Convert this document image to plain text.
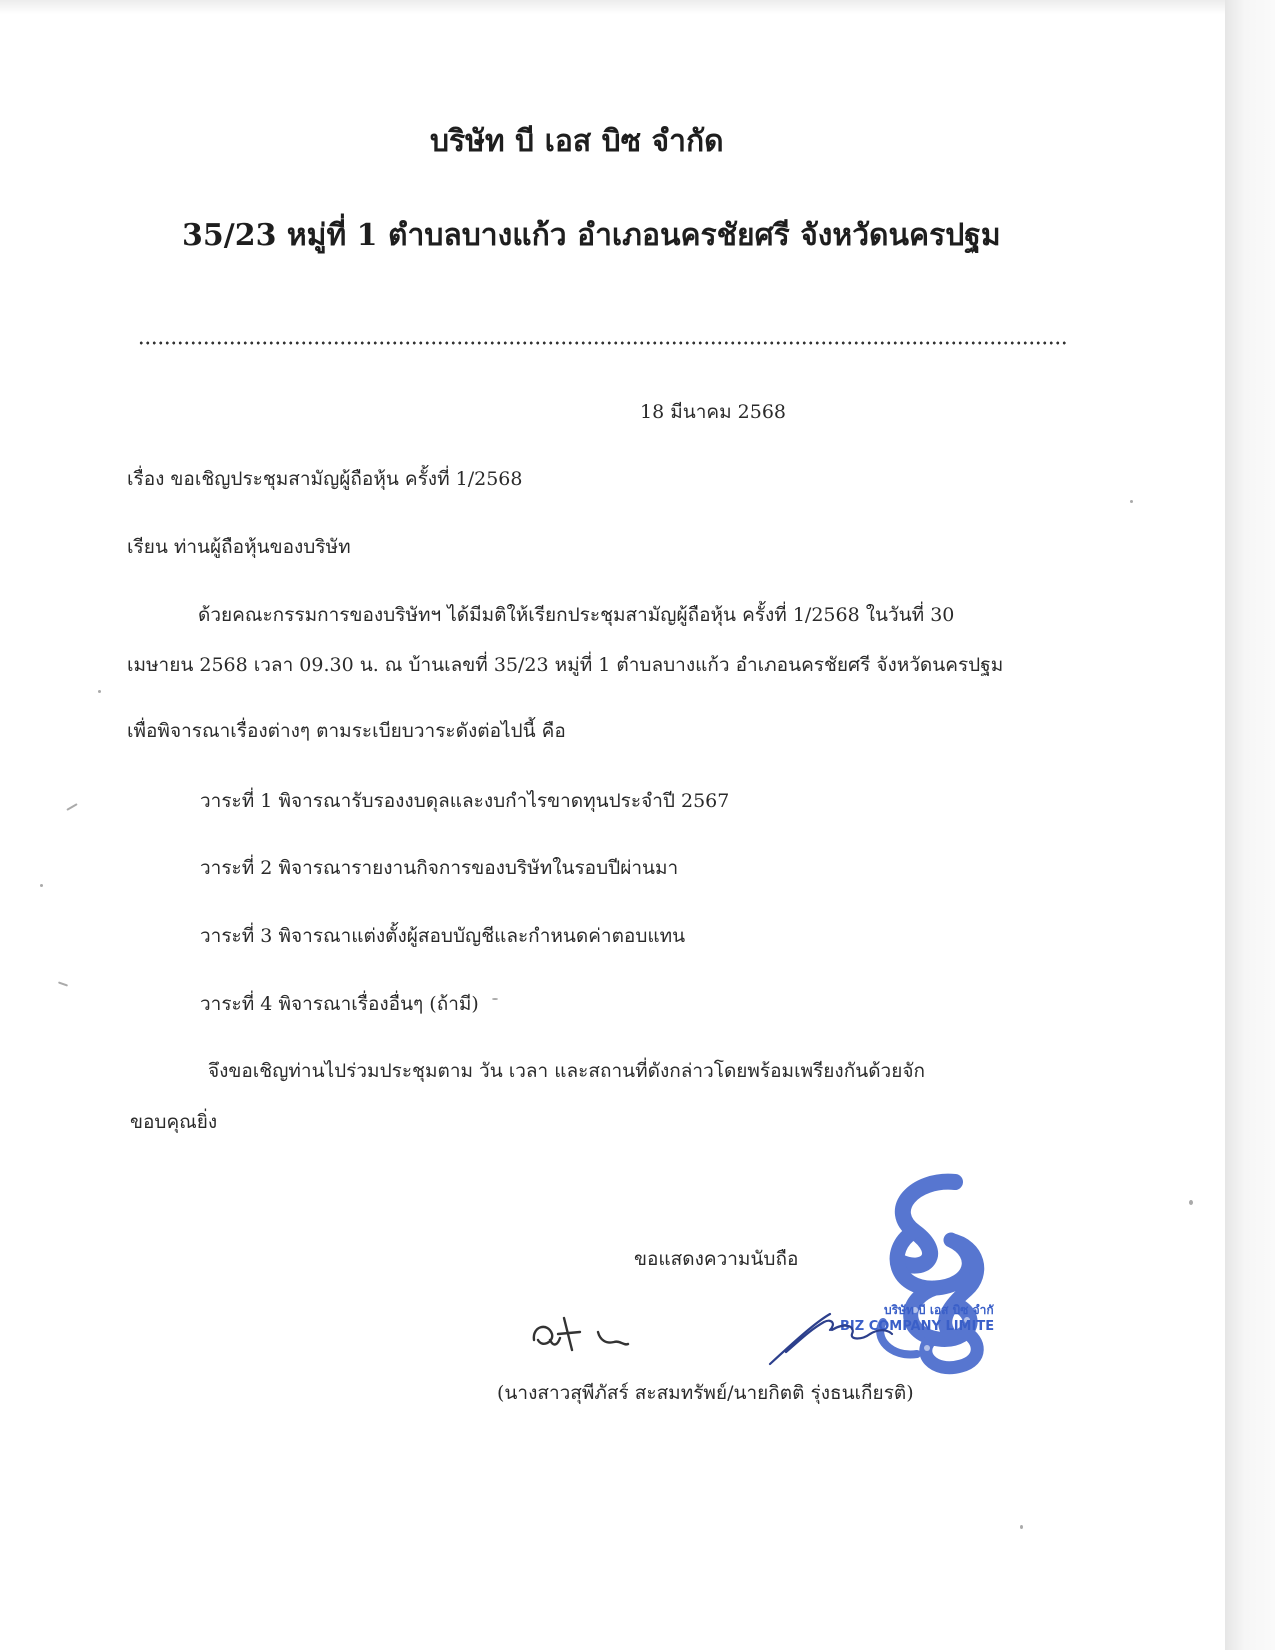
บริษัท บี เอส บิซ จำกัด
35/23 หมู่ที่ 1 ตำบลบางแก้ว อำเภอนครชัยศรี จังหวัดนครปฐม
18 มีนาคม 2568
เรื่อง ขอเชิญประชุมสามัญผู้ถือหุ้น ครั้งที่ 1/2568
เรียน ท่านผู้ถือหุ้นของบริษัท
ด้วยคณะกรรมการของบริษัทฯ ได้มีมติให้เรียกประชุมสามัญผู้ถือหุ้น ครั้งที่ 1/2568 ในวันที่ 30
เมษายน 2568 เวลา 09.30 น. ณ บ้านเลขที่ 35/23 หมู่ที่ 1 ตำบลบางแก้ว อำเภอนครชัยศรี จังหวัดนครปฐม
เพื่อพิจารณาเรื่องต่างๆ ตามระเบียบวาระดังต่อไปนี้ คือ
วาระที่ 1 พิจารณารับรองงบดุลและงบกำไรขาดทุนประจำปี 2567
วาระที่ 2 พิจารณารายงานกิจการของบริษัทในรอบปีผ่านมา
วาระที่ 3 พิจารณาแต่งตั้งผู้สอบบัญชีและกำหนดค่าตอบแทน
วาระที่ 4 พิจารณาเรื่องอื่นๆ (ถ้ามี)
จึงขอเชิญท่านไปร่วมประชุมตาม วัน เวลา และสถานที่ดังกล่าวโดยพร้อมเพรียงกันด้วยจัก
ขอบคุณยิ่ง
ขอแสดงความนับถือ
บริษัท บี เอส บิซ จำกั
BIZ COMPANY LIMITE
(นางสาวสุพีภัสร์ สะสมทรัพย์/นายกิตติ รุ่งธนเกียรติ)
